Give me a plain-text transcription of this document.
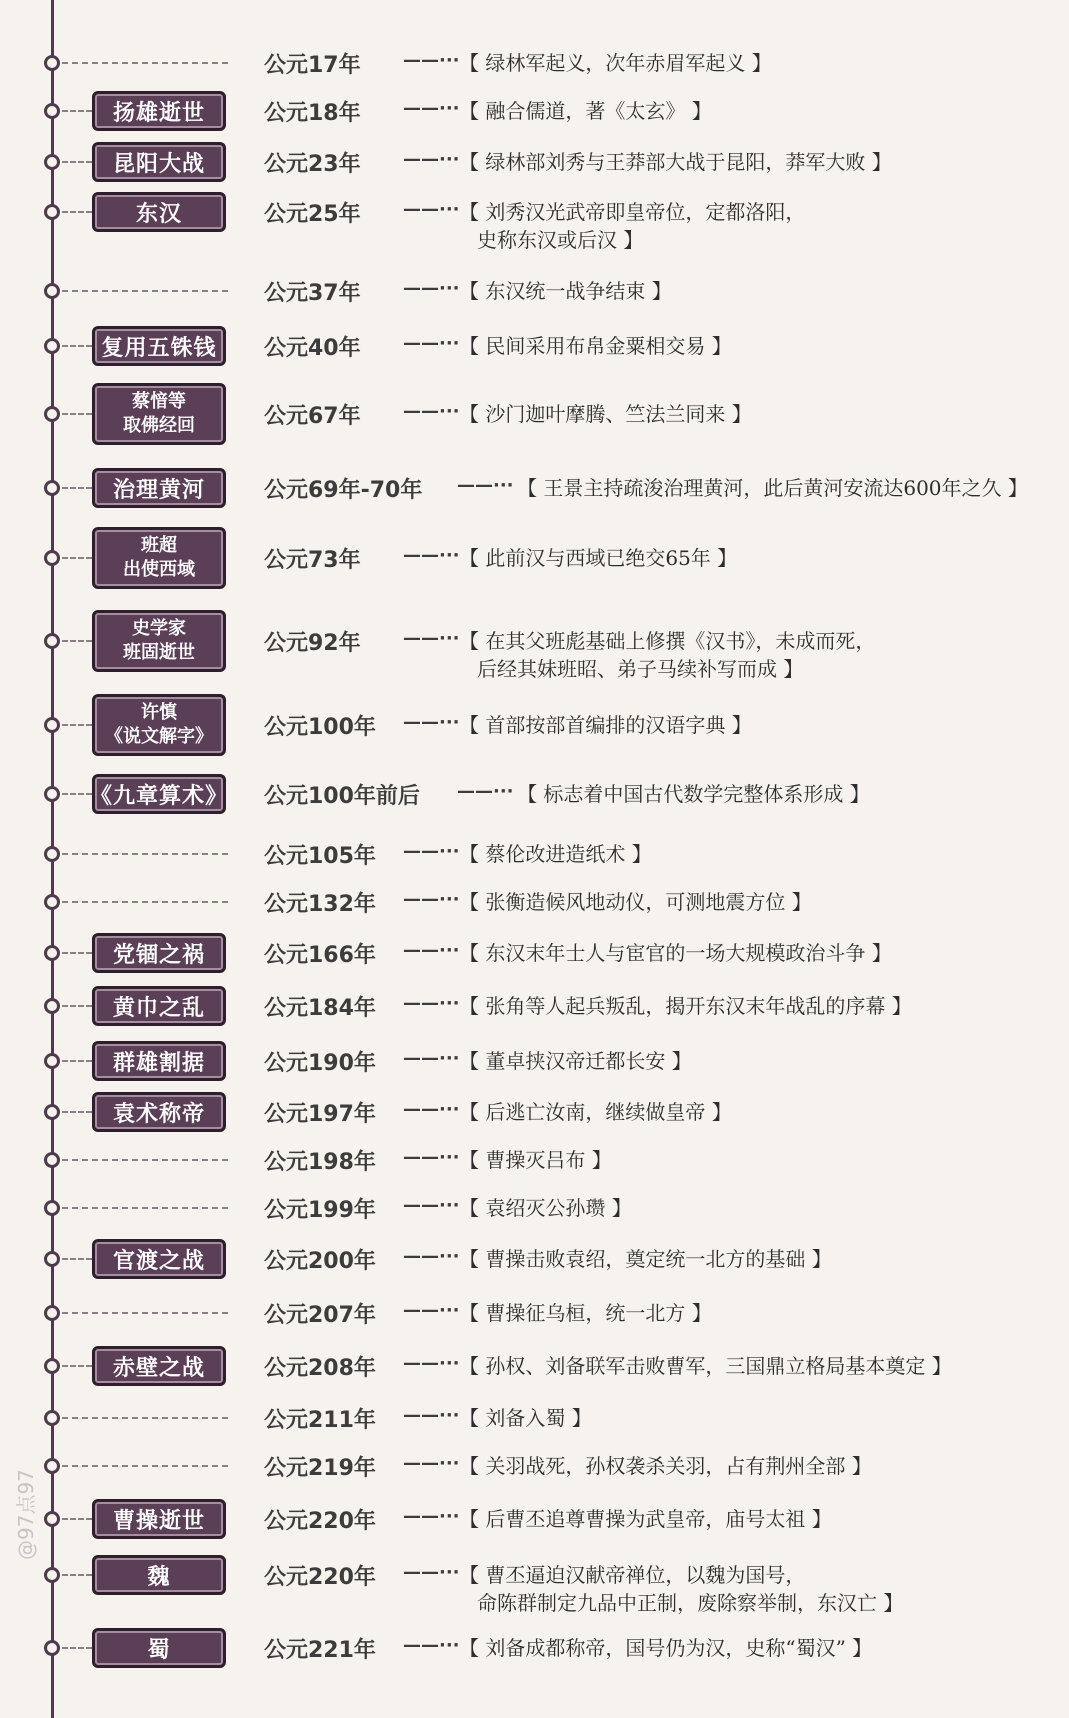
公元17年 ——··· 【 绿林军起义，次年赤眉军起义 】
扬雄逝世	公元18年 ——··· 【 融合儒道，著《太玄》 】
昆阳大战	公元23年 ——··· 【 绿林部刘秀与王莽部大战于昆阳，莽军大败 】
东汉	公元25年 ——··· 【 刘秀汉光武帝即皇帝位，定都洛阳，
史称东汉或后汉 】
公元37年 ——··· 【 东汉统一战争结束 】
复用五铢钱 公元40年 ——··· 【 民间采用布帛金粟相交易 】
蔡愔等
取佛经回	公元67年 ——··· 【 沙门迦叶摩腾、竺法兰同来 】
治理黄河	公元69年-70年 ——··· 【 王景主持疏浚治理黄河，此后黄河安流达600年之久 】
班超
出使西域	公元73年 ——··· 【 此前汉与西域已绝交65年 】
史学家
班固逝世	公元92年 ——··· 【 在其父班彪基础上修撰《汉书》，未成而死，
后经其妹班昭、弟子马续补写而成 】
许慎
《说文解字》 公元100年 ——··· 【 首部按部首编排的汉语字典 】
《九章算术》 公元100年前后 ——··· 【 标志着中国古代数学完整体系形成 】
公元105年 ——··· 【 蔡伦改进造纸术 】
公元132年 ——··· 【 张衡造候风地动仪，可测地震方位 】
党锢之祸	公元166年 ——··· 【 东汉末年士人与宦官的一场大规模政治斗争 】
黄巾之乱	公元184年 ——··· 【 张角等人起兵叛乱，揭开东汉末年战乱的序幕 】
群雄割据	公元190年 ——··· 【 董卓挟汉帝迁都长安 】
袁术称帝	公元197年 ——··· 【 后逃亡汝南，继续做皇帝 】
公元198年 ——··· 【 曹操灭吕布 】
公元199年 ——··· 【 袁绍灭公孙瓒 】
官渡之战	公元200年 ——··· 【 曹操击败袁绍，奠定统一北方的基础 】
公元207年 ——··· 【 曹操征乌桓，统一北方 】
赤壁之战	公元208年 ——··· 【 孙权、刘备联军击败曹军，三国鼎立格局基本奠定 】
公元211年 ——··· 【 刘备入蜀 】
公元219年 ——··· 【 关羽战死，孙权袭杀关羽，占有荆州全部 】
曹操逝世	公元220年 ——··· 【 后曹丕追尊曹操为武皇帝，庙号太祖 】
魏	公元220年 ——··· 【 曹丕逼迫汉献帝禅位，以魏为国号，
命陈群制定九品中正制，废除察举制，东汉亡 】
蜀	公元221年 ——··· 【 刘备成都称帝，国号仍为汉，史称“蜀汉” 】
@97点97
